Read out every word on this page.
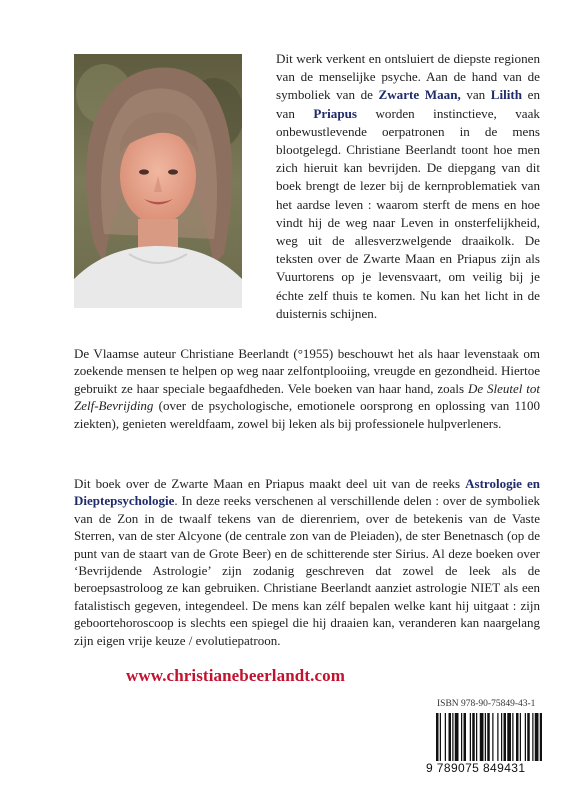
Dit werk verkent en ontsluiert de diepste regionen van de menselijke psyche. Aan de hand van de symboliek van de Zwarte Maan, van Lilith en van Priapus worden instinctieve, vaak onbewustlevende oerpatronen in de mens blootgelegd. Christiane Beerlandt toont hoe men zich hieruit kan bevrijden. De diepgang van dit boek brengt de lezer bij de kernproblematiek van het aardse leven : waarom sterft de mens en hoe vindt hij de weg naar Leven in onsterfelijkheid, weg uit de allesverzwelgende draaikolk. De teksten over de Zwarte Maan en Priapus zijn als Vuurtorens op je levensvaart, om veilig bij je échte zelf thuis te komen. Nu kan het licht in de duisternis schijnen.

De Vlaamse auteur Christiane Beerlandt (°1955) beschouwt het als haar levenstaak om zoekende mensen te helpen op weg naar zelfontplooiing, vreugde en gezondheid. Hiertoe gebruikt ze haar speciale begaafdheden. Vele boeken van haar hand, zoals De Sleutel tot Zelf-Bevrijding (over de psychologische, emotionele oorsprong en oplossing van 1100 ziekten), genieten wereldfaam, zowel bij leken als bij professionele hulpverleners.

Dit boek over de Zwarte Maan en Priapus maakt deel uit van de reeks Astrologie en Dieptepsychologie. In deze reeks verschenen al verschillende delen : over de symboliek van de Zon in de twaalf tekens van de dierenriem, over de betekenis van de Vaste Sterren, van de ster Alcyone (de centrale zon van de Pleiaden), de ster Benetnasch (op de punt van de staart van de Grote Beer) en de schitterende ster Sirius. Al deze boeken over ‘Bevrijdende Astrologie’ zijn zodanig geschreven dat zowel de leek als de beroepsastroloog ze kan gebruiken. Christiane Beerlandt aanziet astrologie NIET als een fatalistisch gegeven, integendeel. De mens kan zélf bepalen welke kant hij uitgaat : zijn geboortehoroscoop is slechts een spiegel die hij draaien kan, veranderen kan naargelang zijn eigen vrije keuze / evolutiepatroon.

www.christianebeerlandt.com

ISBN 978-90-75849-43-1
9 789075 849431
